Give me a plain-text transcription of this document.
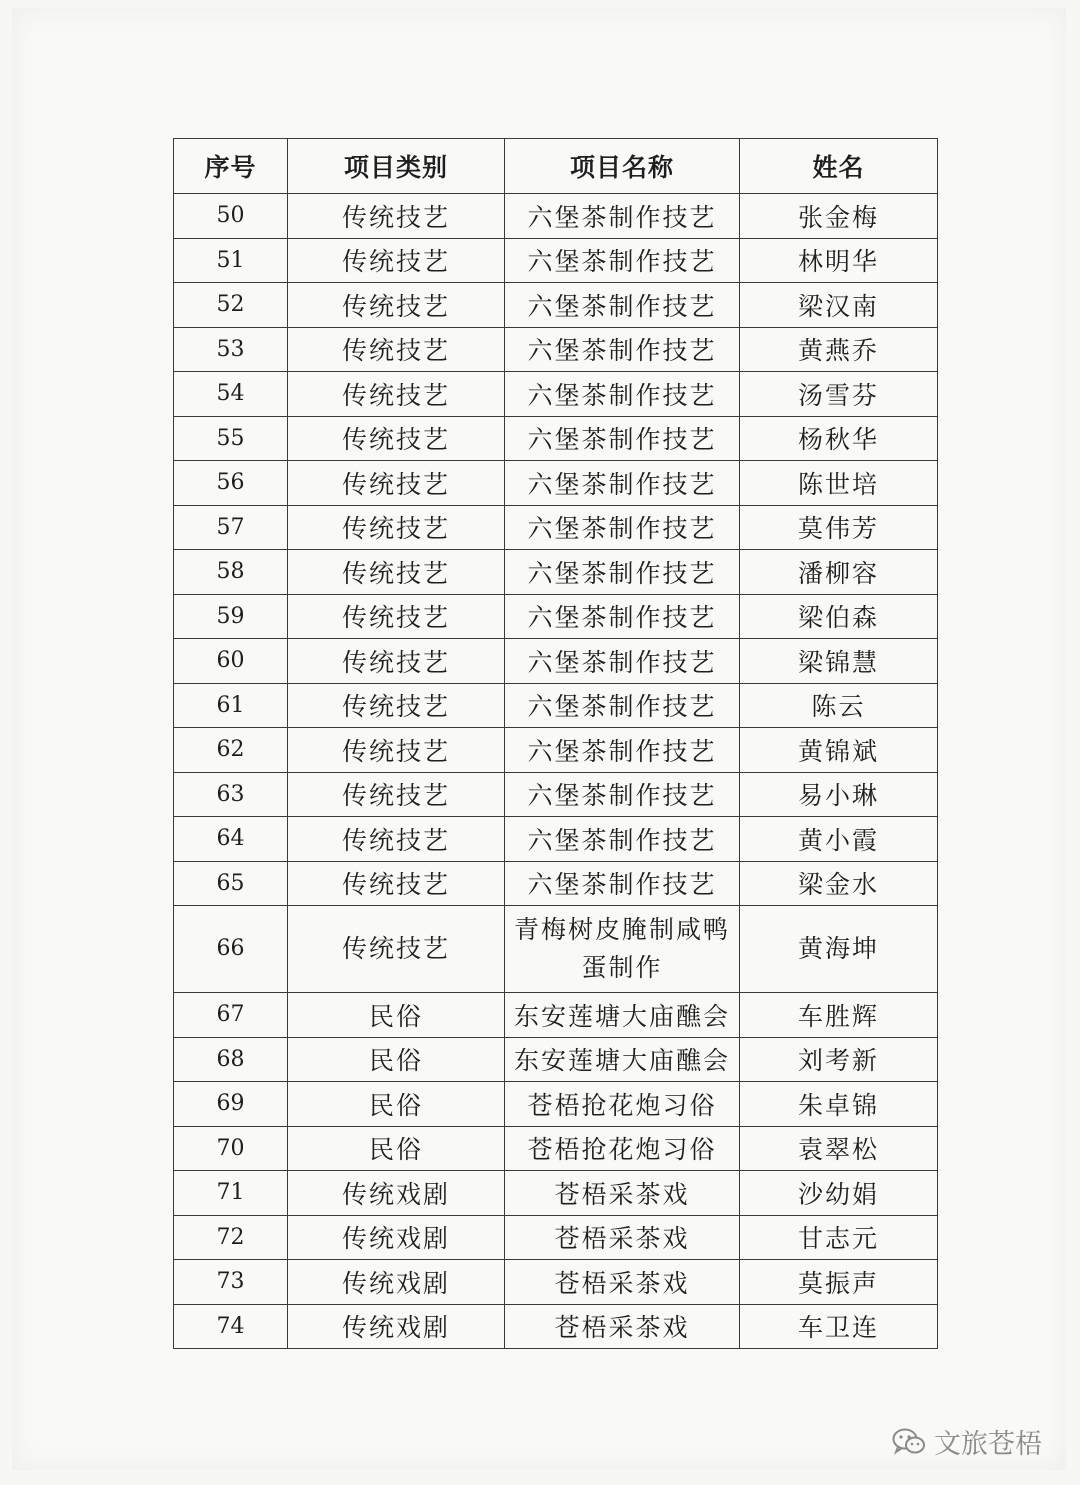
序号	项目类别	项目名称	姓名
50	传统技艺	六堡茶制作技艺	张金梅
51	传统技艺	六堡茶制作技艺	林明华
52	传统技艺	六堡茶制作技艺	梁汉南
53	传统技艺	六堡茶制作技艺	黄燕乔
54	传统技艺	六堡茶制作技艺	汤雪芬
55	传统技艺	六堡茶制作技艺	杨秋华
56	传统技艺	六堡茶制作技艺	陈世培
57	传统技艺	六堡茶制作技艺	莫伟芳
58	传统技艺	六堡茶制作技艺	潘柳容
59	传统技艺	六堡茶制作技艺	梁伯森
60	传统技艺	六堡茶制作技艺	梁锦慧
61	传统技艺	六堡茶制作技艺	陈云
62	传统技艺	六堡茶制作技艺	黄锦斌
63	传统技艺	六堡茶制作技艺	易小琳
64	传统技艺	六堡茶制作技艺	黄小霞
65	传统技艺	六堡茶制作技艺	梁金水
66	传统技艺	青梅树皮腌制咸鸭
蛋制作	黄海坤
67	民俗	东安莲塘大庙醮会	车胜辉
68	民俗	东安莲塘大庙醮会	刘考新
69	民俗	苍梧抢花炮习俗	朱卓锦
70	民俗	苍梧抢花炮习俗	袁翠松
71	传统戏剧	苍梧采茶戏	沙幼娟
72	传统戏剧	苍梧采茶戏	甘志元
73	传统戏剧	苍梧采茶戏	莫振声
74	传统戏剧	苍梧采茶戏	车卫连
文旅苍梧
